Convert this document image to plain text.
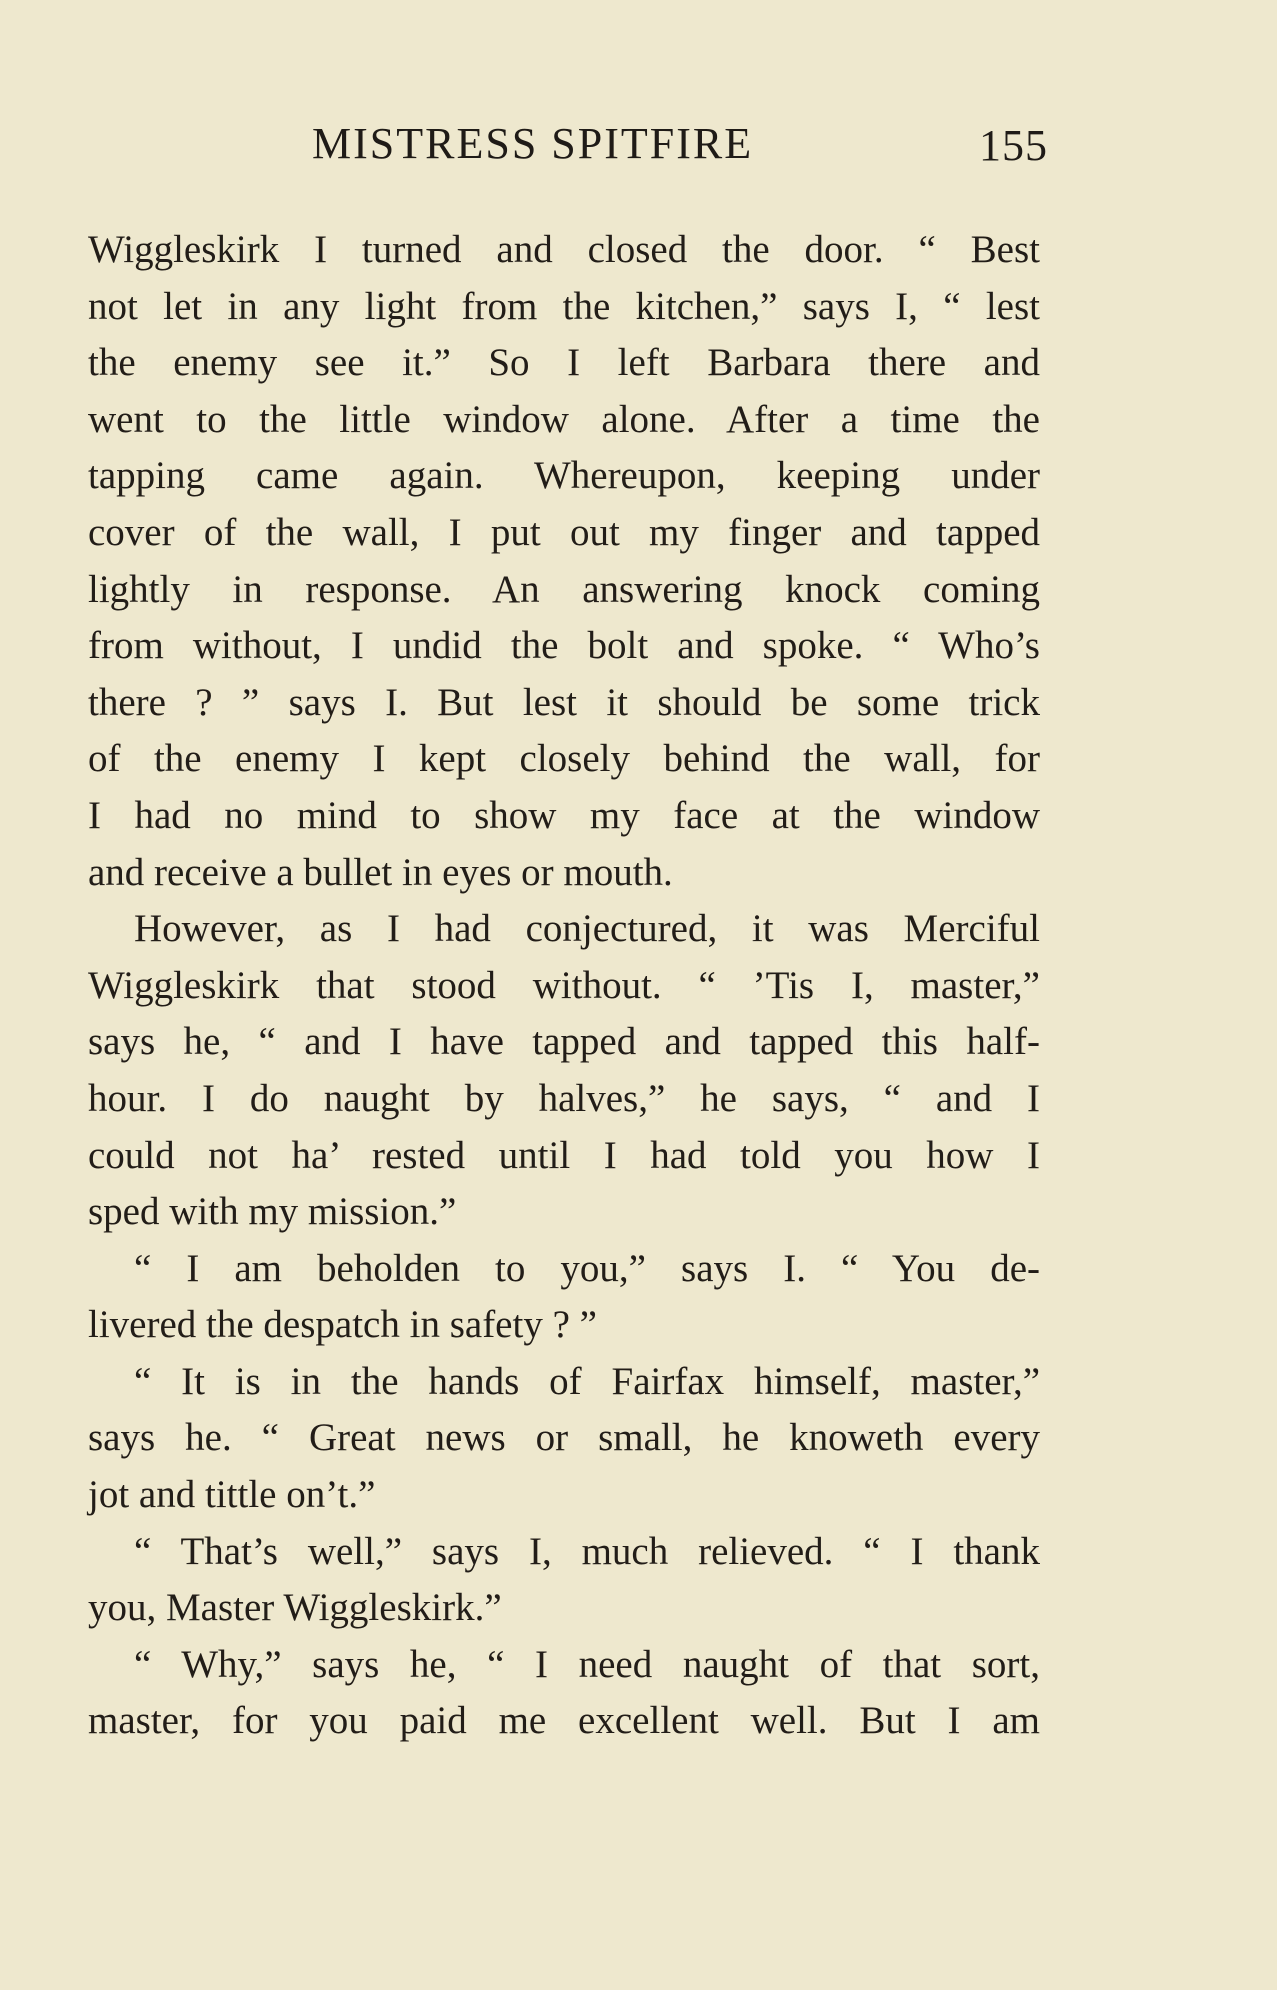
MISTRESS SPITFIRE	155
Wiggleskirk I turned and closed the door. “ Best
not let in any light from the kitchen,” says I, “ lest
the enemy see it.” So I left Barbara there and
went to the little window alone. After a time the
tapping came again. Whereupon, keeping under
cover of the wall, I put out my finger and tapped
lightly in response. An answering knock coming
from without, I undid the bolt and spoke. “ Who’s
there ? ” says I. But lest it should be some trick
of the enemy I kept closely behind the wall, for
I had no mind to show my face at the window
and receive a bullet in eyes or mouth.
However, as I had conjectured, it was Merciful
Wiggleskirk that stood without. “ ’Tis I, master,”
says he, “ and I have tapped and tapped this half-
hour. I do naught by halves,” he says, “ and I
could not ha’ rested until I had told you how I
sped with my mission.”
“ I am beholden to you,” says I. “ You de-
livered the despatch in safety ? ”
“ It is in the hands of Fairfax himself, master,”
says he. “ Great news or small, he knoweth every
jot and tittle on’t.”
“ That’s well,” says I, much relieved. “ I thank
you, Master Wiggleskirk.”
“ Why,” says he, “ I need naught of that sort,
master, for you paid me excellent well. But I am
